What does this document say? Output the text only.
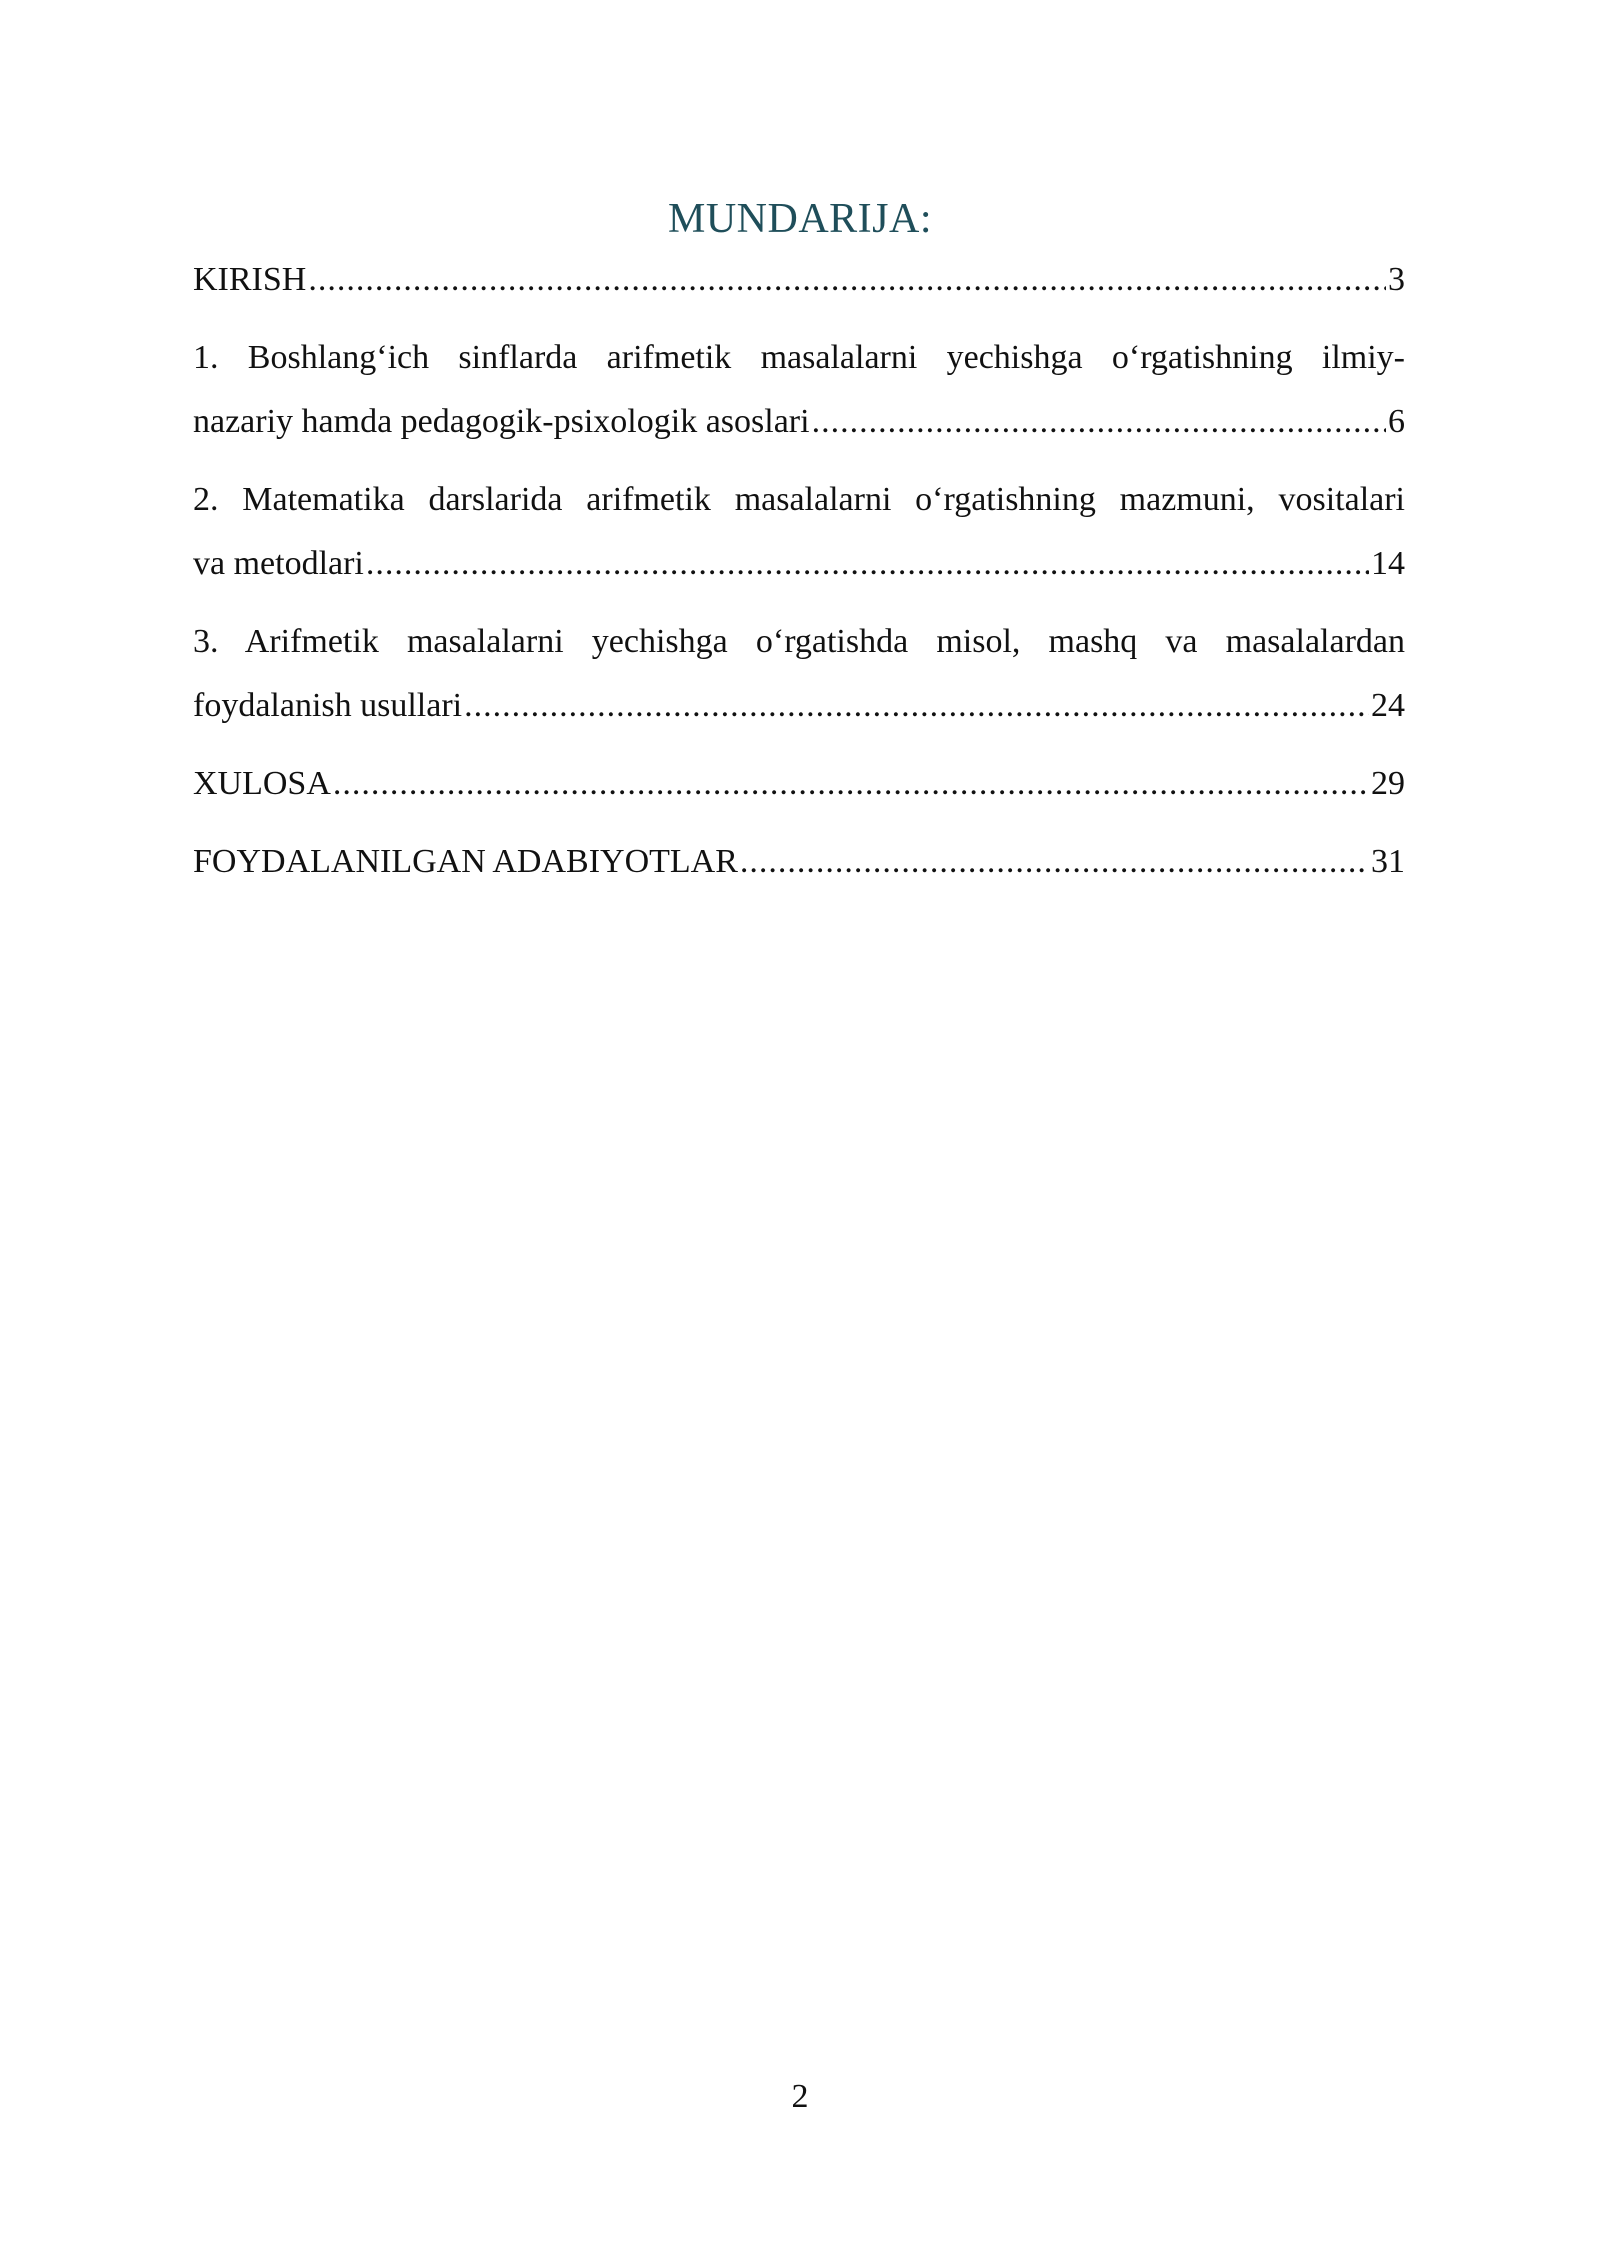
MUNDARIJA:
KIRISH .....	3
1. Boshlang‘ich sinflarda arifmetik masalalarni yechishga o‘rgatishning ilmiy-
nazariy hamda pedagogik-psixologik asoslari .....	6
2. Matematika darslarida arifmetik masalalarni o‘rgatishning mazmuni, vositalari
va metodlari .....	14
3. Arifmetik masalalarni yechishga o‘rgatishda misol, mashq va masalalardan
foydalanish usullari .....	24
XULOSA .....	29
FOYDALANILGAN ADABIYOTLAR .....	31
2
